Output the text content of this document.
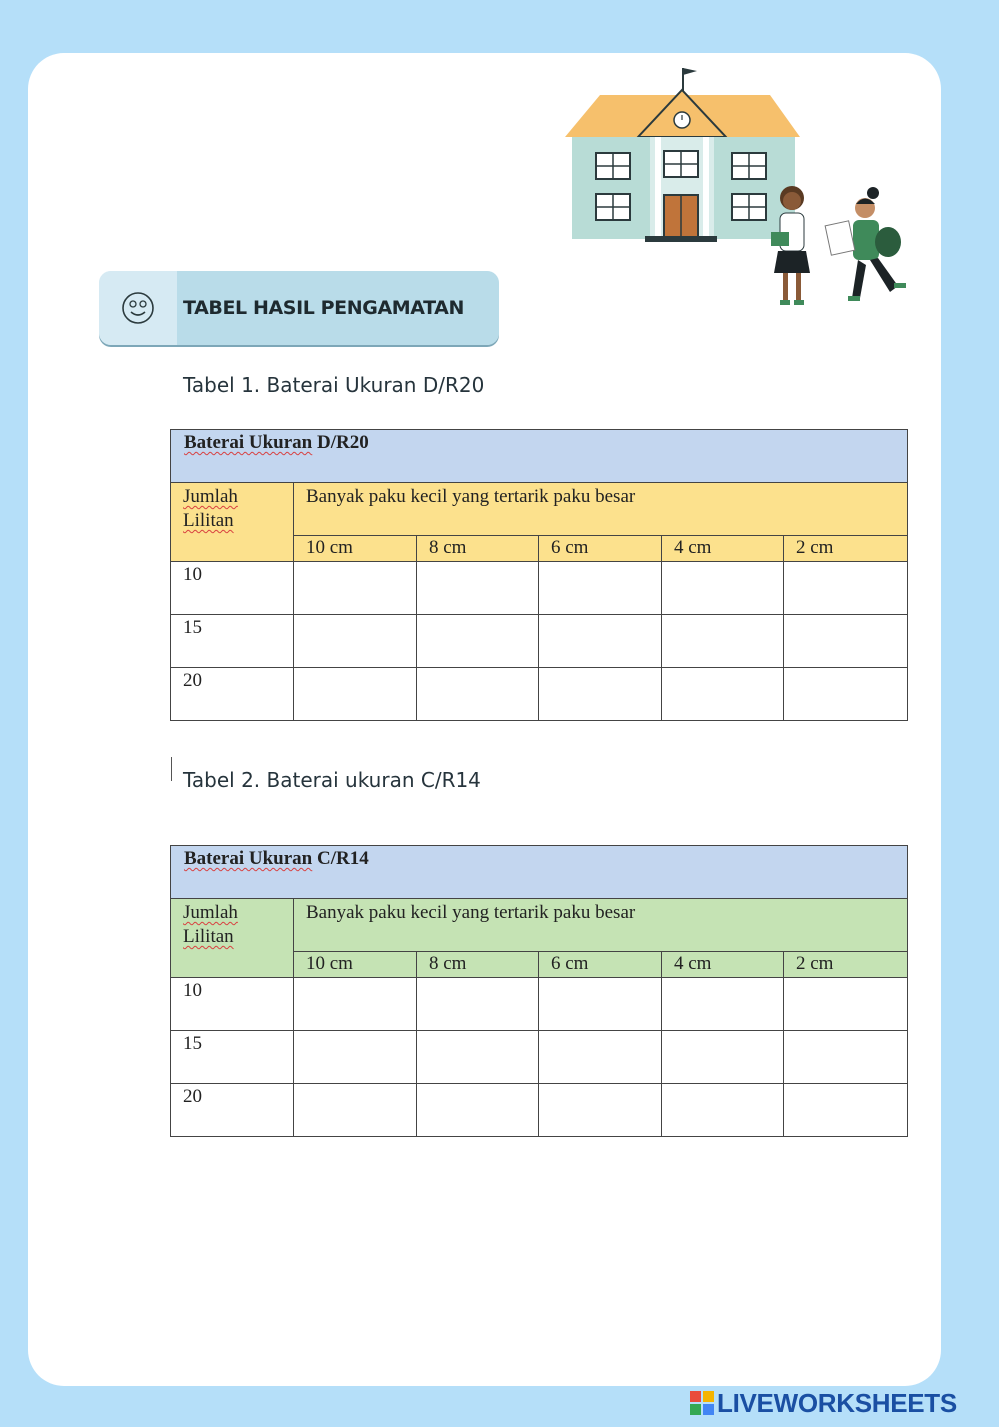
TABEL HASIL PENGAMATAN
Tabel 1. Baterai Ukuran D/R20
Baterai Ukuran D/R20					
Jumlah Lilitan	Banyak paku kecil yang tertarik paku besar				
	10 cm	8 cm	6 cm	4 cm	2 cm
10					
15					
20					
Tabel 2. Baterai ukuran C/R14
Baterai Ukuran C/R14					
Jumlah Lilitan	Banyak paku kecil yang tertarik paku besar				
	10 cm	8 cm	6 cm	4 cm	2 cm
10					
15					
20					
LIVEWORKSHEETS
